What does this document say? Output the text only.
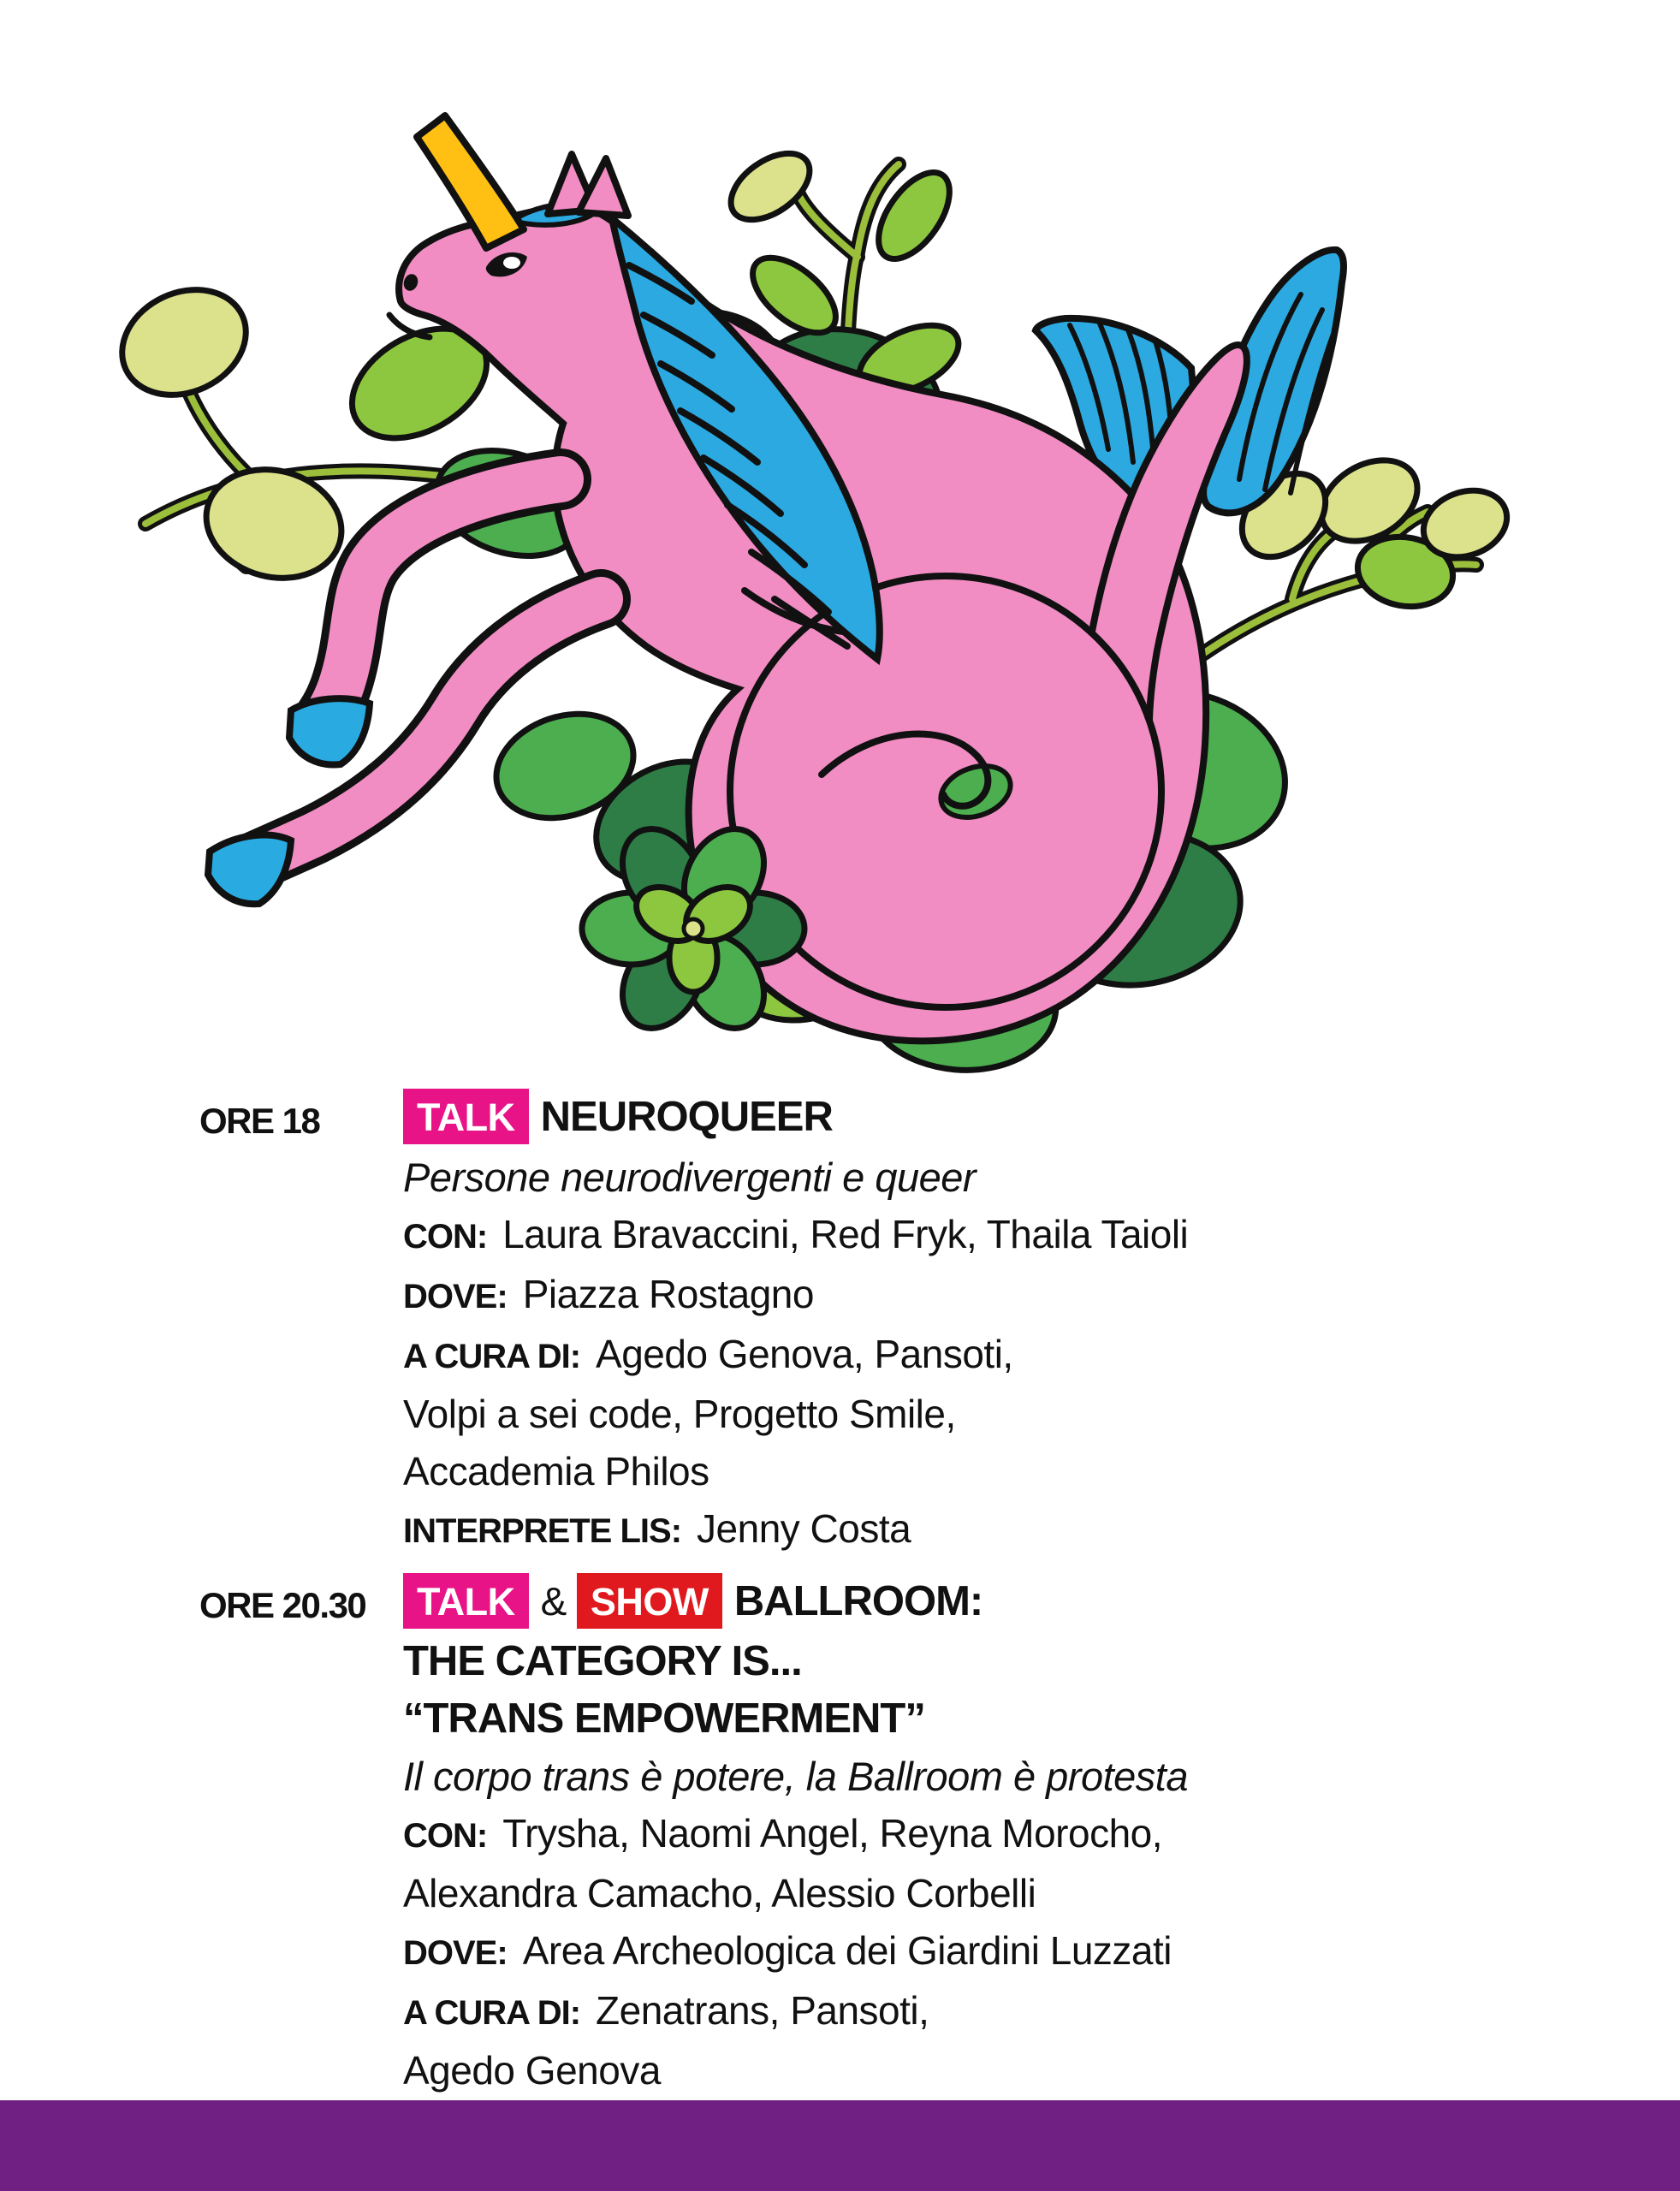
ORE 18	TALK NEUROQUEER
Persone neurodivergenti e queer
CON: Laura Bravaccini, Red Fryk, Thaila Taioli
DOVE: Piazza Rostagno
A CURA DI: Agedo Genova, Pansoti,
Volpi a sei code, Progetto Smile,
Accademia Philos
INTERPRETE LIS: Jenny Costa
ORE 20.30	TALK & SHOW BALLROOM:
THE CATEGORY IS...
“TRANS EMPOWERMENT”
Il corpo trans è potere, la Ballroom è protesta
CON: Trysha, Naomi Angel, Reyna Morocho,
Alexandra Camacho, Alessio Corbelli
DOVE: Area Archeologica dei Giardini Luzzati
A CURA DI: Zenatrans, Pansoti,
Agedo Genova
